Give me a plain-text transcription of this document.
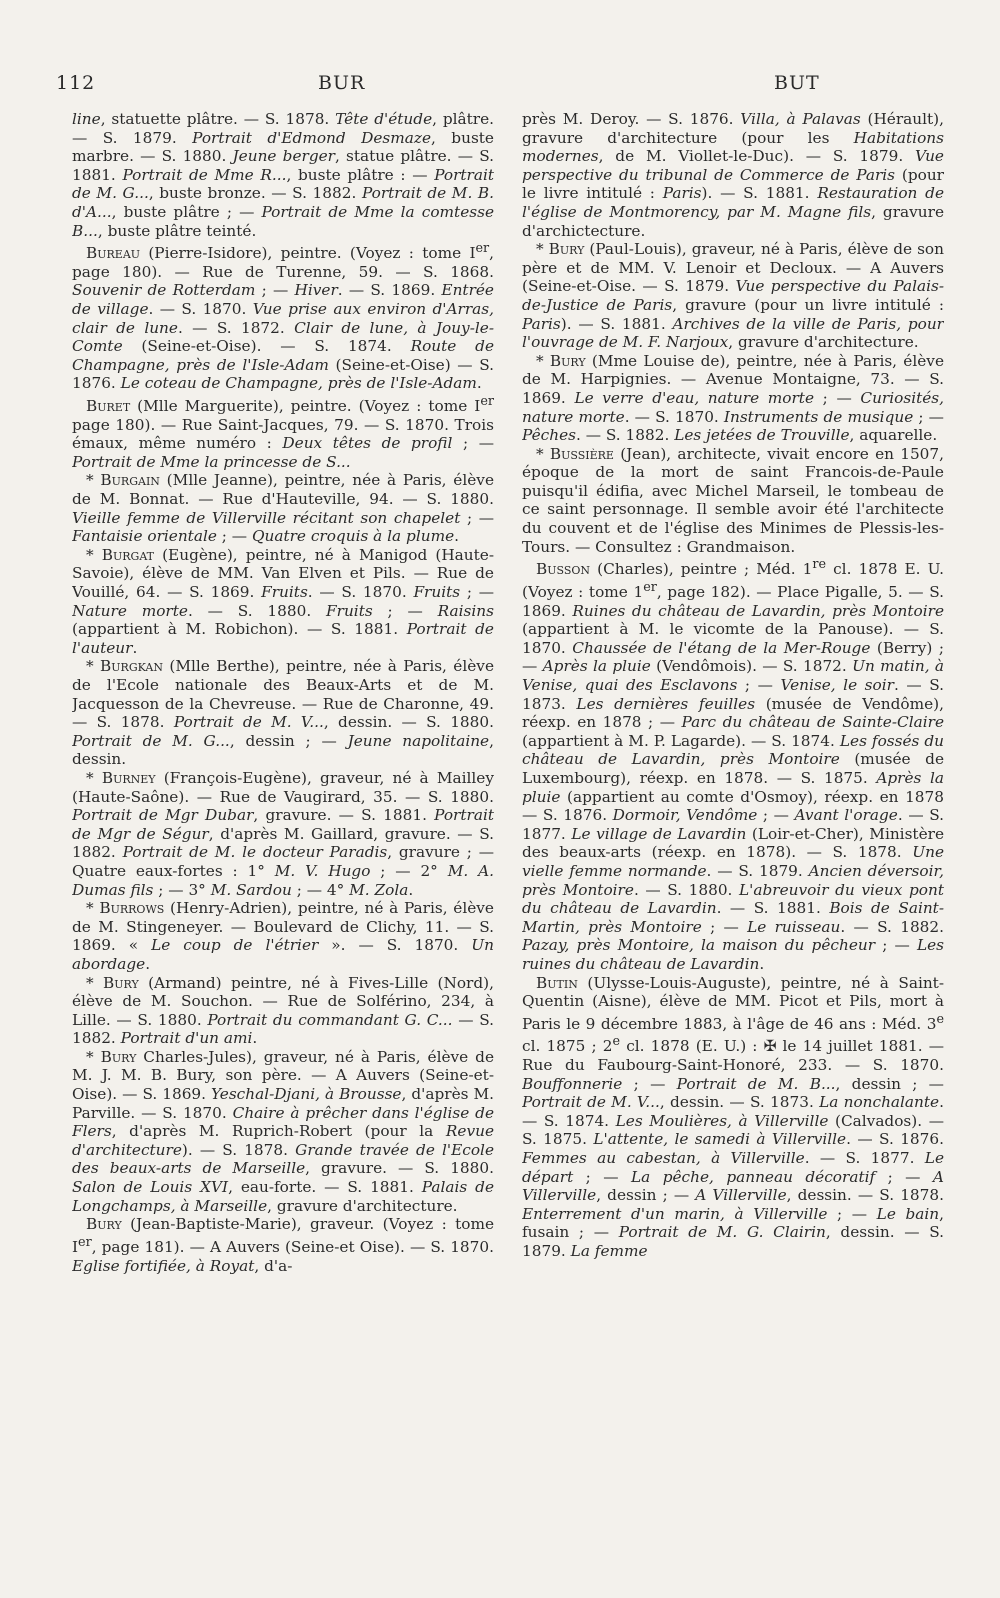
112	BUR	BUT

line, statuette plâtre. — S. 1878. Tête d'étude, plâtre. — S. 1879. Portrait d'Edmond Desmaze, buste marbre. — S. 1880. Jeune berger, statue plâtre. — S. 1881. Portrait de Mme R..., buste plâtre : — Portrait de M. G..., buste bronze. — S. 1882. Portrait de M. B. d'A..., buste plâtre ; — Portrait de Mme la comtesse B..., buste plâtre teinté.

Bureau (Pierre-Isidore), peintre. (Voyez : tome Ier, page 180). — Rue de Turenne, 59. — S. 1868. Souvenir de Rotterdam ; — Hiver. — S. 1869. Entrée de village. — S. 1870. Vue prise aux environ d'Arras, clair de lune. — S. 1872. Clair de lune, à Jouy-le-Comte (Seine-et-Oise). — S. 1874. Route de Champagne, près de l'Isle-Adam (Seine-et-Oise) — S. 1876. Le coteau de Champagne, près de l'Isle-Adam.

Buret (Mlle Marguerite), peintre. (Voyez : tome Ier page 180). — Rue Saint-Jacques, 79. — S. 1870. Trois émaux, même numéro : Deux têtes de profil ; — Portrait de Mme la princesse de S...

* Burgain (Mlle Jeanne), peintre, née à Paris, élève de M. Bonnat. — Rue d'Hauteville, 94. — S. 1880. Vieille femme de Villerville récitant son chapelet ; — Fantaisie orientale ; — Quatre croquis à la plume.

* Burgat (Eugène), peintre, né à Manigod (Haute-Savoie), élève de MM. Van Elven et Pils. — Rue de Vouillé, 64. — S. 1869. Fruits. — S. 1870. Fruits ; — Nature morte. — S. 1880. Fruits ; — Raisins (appartient à M. Robichon). — S. 1881. Portrait de l'auteur.

* Burgkan (Mlle Berthe), peintre, née à Paris, élève de l'Ecole nationale des Beaux-Arts et de M. Jacquesson de la Chevreuse. — Rue de Charonne, 49. — S. 1878. Portrait de M. V..., dessin. — S. 1880. Portrait de M. G..., dessin ; — Jeune napolitaine, dessin.

* Burney (François-Eugène), graveur, né à Mailley (Haute-Saône). — Rue de Vaugirard, 35. — S. 1880. Portrait de Mgr Dubar, gravure. — S. 1881. Portrait de Mgr de Ségur, d'après M. Gaillard, gravure. — S. 1882. Portrait de M. le docteur Paradis, gravure ; — Quatre eaux-fortes : 1° M. V. Hugo ; — 2° M. A. Dumas fils ; — 3° M. Sardou ; — 4° M. Zola.

* Burrows (Henry-Adrien), peintre, né à Paris, élève de M. Stingeneyer. — Boulevard de Clichy, 11. — S. 1869. « Le coup de l'étrier ». — S. 1870. Un abordage.

* Bury (Armand) peintre, né à Fives-Lille (Nord), élève de M. Souchon. — Rue de Solférino, 234, à Lille. — S. 1880. Portrait du commandant G. C... — S. 1882. Portrait d'un ami.

* Bury Charles-Jules), graveur, né à Paris, élève de M. J. M. B. Bury, son père. — A Auvers (Seine-et-Oise). — S. 1869. Yeschal-Djani, à Brousse, d'après M. Parville. — S. 1870. Chaire à prêcher dans l'église de Flers, d'après M. Ruprich-Robert (pour la Revue d'architecture). — S. 1878. Grande travée de l'Ecole des beaux-arts de Marseille, gravure. — S. 1880. Salon de Louis XVI, eau-forte. — S. 1881. Palais de Longchamps, à Marseille, gravure d'architecture.

Bury (Jean-Baptiste-Marie), graveur. (Voyez : tome Ier, page 181). — A Auvers (Seine-et Oise). — S. 1870. Eglise fortifiée, à Royat, d'a-

près M. Deroy. — S. 1876. Villa, à Palavas (Hérault), gravure d'architecture (pour les Habitations modernes, de M. Viollet-le-Duc). — S. 1879. Vue perspective du tribunal de Commerce de Paris (pour le livre intitulé : Paris). — S. 1881. Restauration de l'église de Montmorency, par M. Magne fils, gravure d'archictecture.

* Bury (Paul-Louis), graveur, né à Paris, élève de son père et de MM. V. Lenoir et Decloux. — A Auvers (Seine-et-Oise. — S. 1879. Vue perspective du Palais-de-Justice de Paris, gravure (pour un livre intitulé : Paris). — S. 1881. Archives de la ville de Paris, pour l'ouvrage de M. F. Narjoux, gravure d'architecture.

* Bury (Mme Louise de), peintre, née à Paris, élève de M. Harpignies. — Avenue Montaigne, 73. — S. 1869. Le verre d'eau, nature morte ; — Curiosités, nature morte. — S. 1870. Instruments de musique ; — Pêches. — S. 1882. Les jetées de Trouville, aquarelle.

* Bussière (Jean), architecte, vivait encore en 1507, époque de la mort de saint Francois-de-Paule puisqu'il édifia, avec Michel Marseil, le tombeau de ce saint personnage. Il semble avoir été l'architecte du couvent et de l'église des Minimes de Plessis-les-Tours. — Consultez : Grandmaison.

Busson (Charles), peintre ; Méd. 1re cl. 1878 E. U. (Voyez : tome 1er, page 182). — Place Pigalle, 5. — S. 1869. Ruines du château de Lavardin, près Montoire (appartient à M. le vicomte de la Panouse). — S. 1870. Chaussée de l'étang de la Mer-Rouge (Berry) ; — Après la pluie (Vendômois). — S. 1872. Un matin, à Venise, quai des Esclavons ; — Venise, le soir. — S. 1873. Les dernières feuilles (musée de Vendôme), réexp. en 1878 ; — Parc du château de Sainte-Claire (appartient à M. P. Lagarde). — S. 1874. Les fossés du château de Lavardin, près Montoire (musée de Luxembourg), réexp. en 1878. — S. 1875. Après la pluie (appartient au comte d'Osmoy), réexp. en 1878 — S. 1876. Dormoir, Vendôme ; — Avant l'orage. — S. 1877. Le village de Lavardin (Loir-et-Cher), Ministère des beaux-arts (réexp. en 1878). — S. 1878. Une vielle femme normande. — S. 1879. Ancien déversoir, près Montoire. — S. 1880. L'abreuvoir du vieux pont du château de Lavardin. — S. 1881. Bois de Saint-Martin, près Montoire ; — Le ruisseau. — S. 1882. Pazay, près Montoire, la maison du pêcheur ; — Les ruines du château de Lavardin.

Butin (Ulysse-Louis-Auguste), peintre, né à Saint-Quentin (Aisne), élève de MM. Picot et Pils, mort à Paris le 9 décembre 1883, à l'âge de 46 ans : Méd. 3e cl. 1875 ; 2e cl. 1878 (E. U.) : ✠ le 14 juillet 1881. — Rue du Faubourg-Saint-Honoré, 233. — S. 1870. Bouffonnerie ; — Portrait de M. B..., dessin ; — Portrait de M. V..., dessin. — S. 1873. La nonchalante. — S. 1874. Les Moulières, à Villerville (Calvados). — S. 1875. L'attente, le samedi à Villerville. — S. 1876. Femmes au cabestan, à Villerville. — S. 1877. Le départ ; — La pêche, panneau décoratif ; — A Villerville, dessin ; — A Villerville, dessin. — S. 1878. Enterrement d'un marin, à Villerville ; — Le bain, fusain ; — Portrait de M. G. Clairin, dessin. — S. 1879. La femme
